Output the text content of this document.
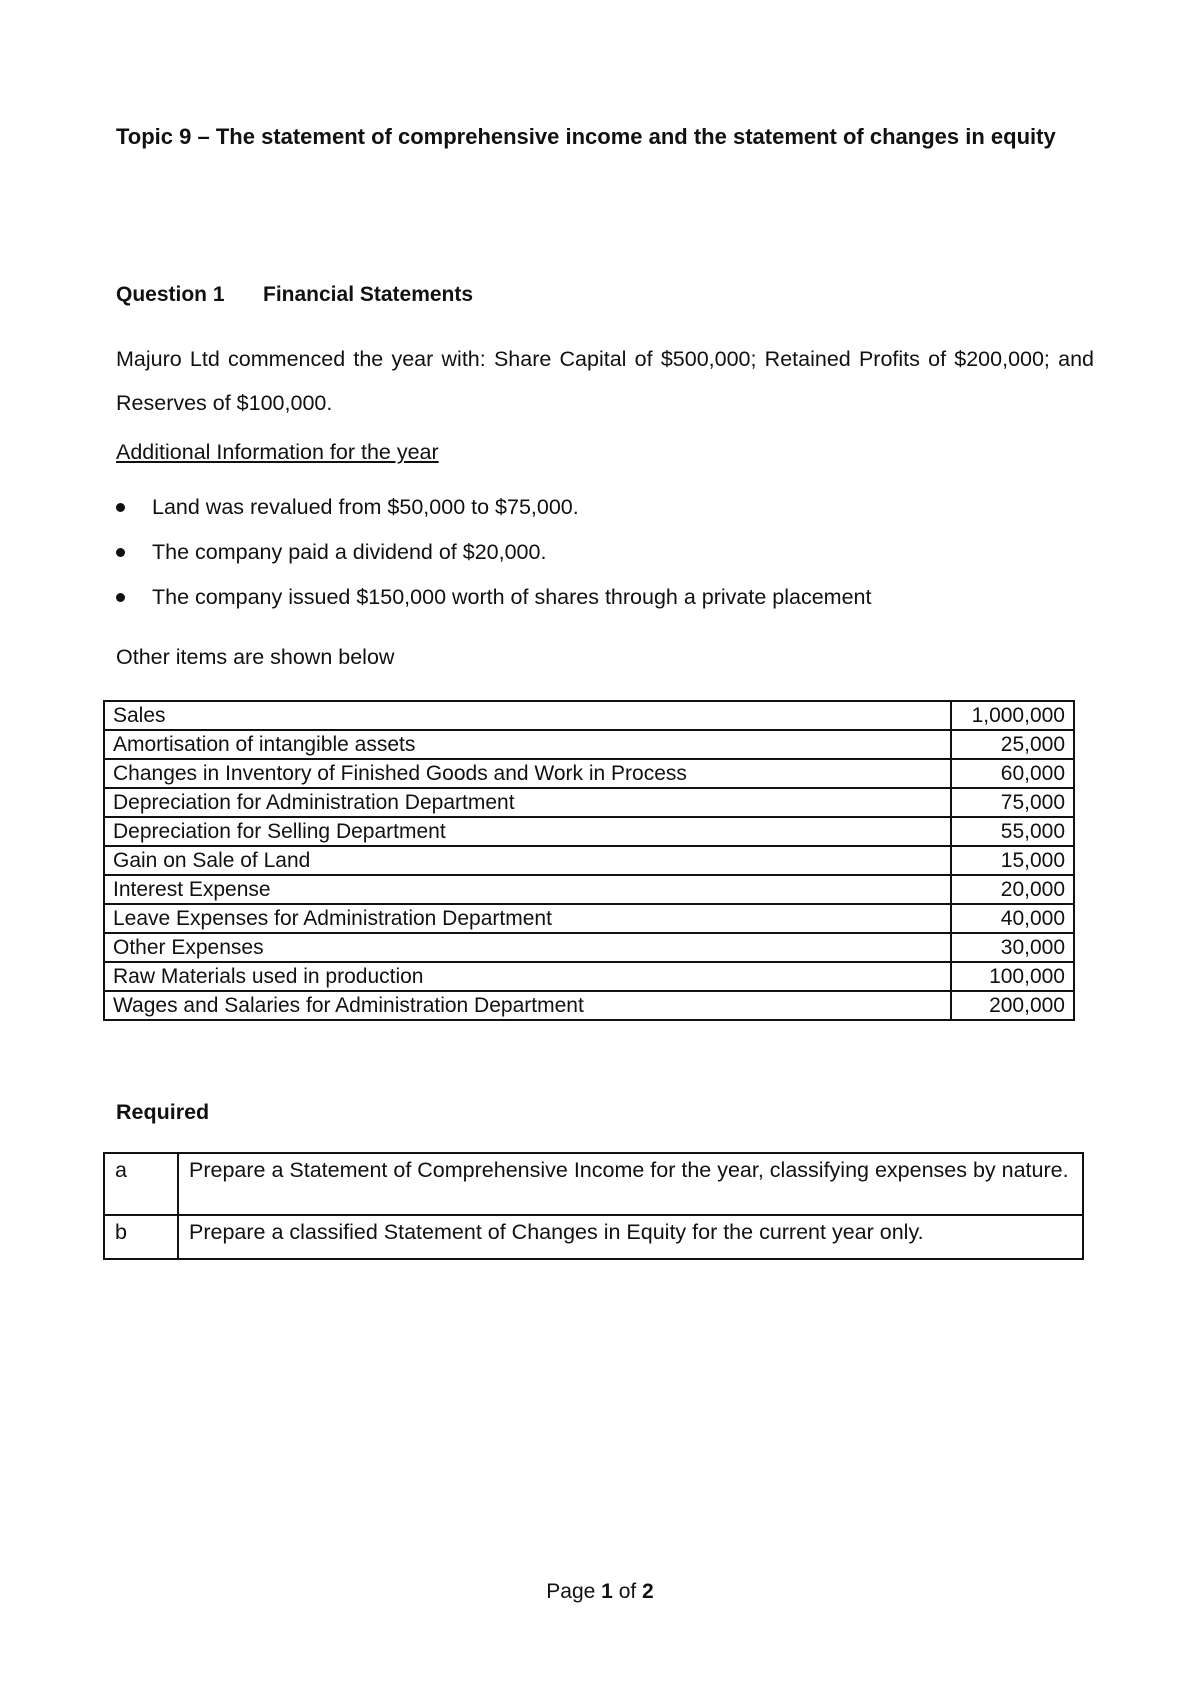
Topic 9 – The statement of comprehensive income and the statement of changes in equity

Question 1 Financial Statements

Majuro Ltd commenced the year with: Share Capital of $500,000; Retained Profits of $200,000; and Reserves of $100,000.

Additional Information for the year

Land was revalued from $50,000 to $75,000.
The company paid a dividend of $20,000.
The company issued $150,000 worth of shares through a private placement

Other items are shown below

Sales	1,000,000
Amortisation of intangible assets	25,000
Changes in Inventory of Finished Goods and Work in Process	60,000
Depreciation for Administration Department	75,000
Depreciation for Selling Department	55,000
Gain on Sale of Land	15,000
Interest Expense	20,000
Leave Expenses for Administration Department	40,000
Other Expenses	30,000
Raw Materials used in production	100,000
Wages and Salaries for Administration Department	200,000

Required

a	Prepare a Statement of Comprehensive Income for the year, classifying expenses by nature.
b	Prepare a classified Statement of Changes in Equity for the current year only.

Page 1 of 2
